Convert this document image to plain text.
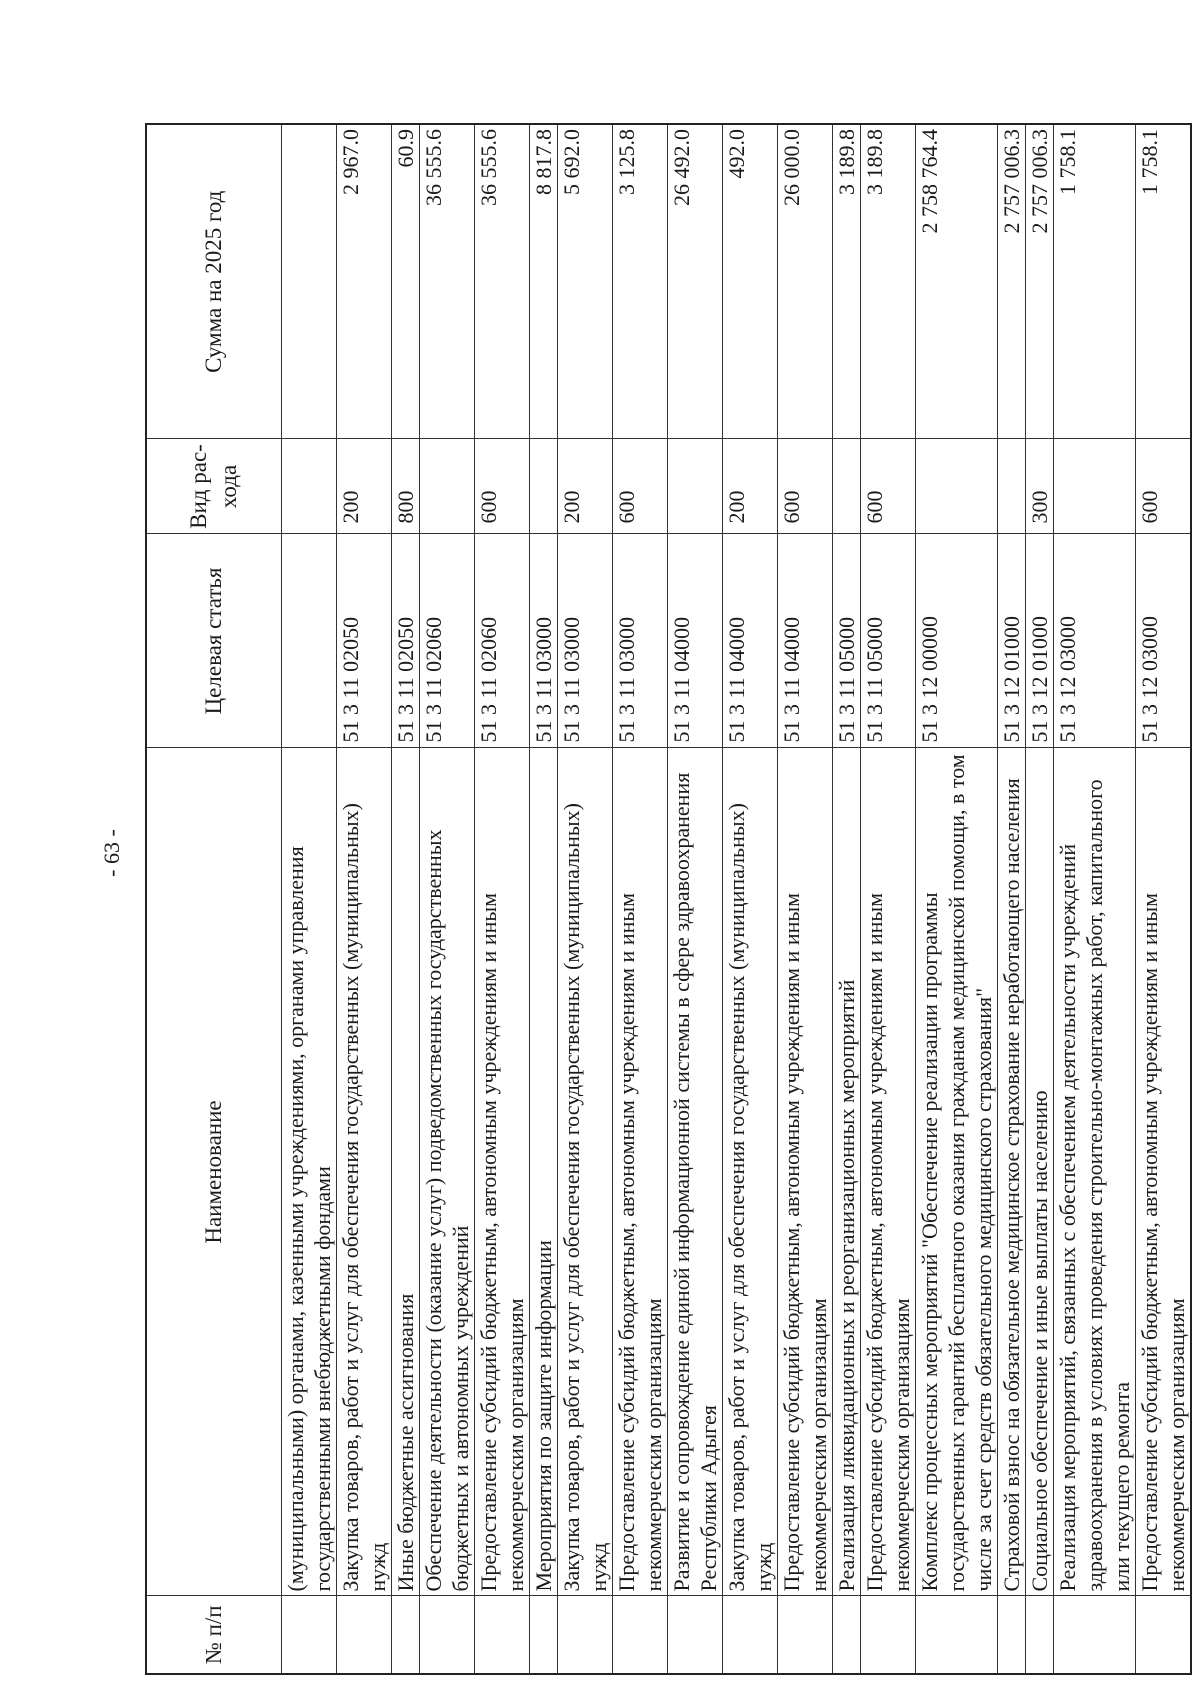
- 63 -
№ п/п	Наименование	Целевая статья	Вид рас- хода	Сумма на 2025 год
	(муниципальными) органами, казенными учреждениями, органами управления государственными внебюджетными фондами			
	Закупка товаров, работ и услуг для обеспечения государственных (муниципальных) нужд	51 3 11 02050	200	2 967.0
	Иные бюджетные ассигнования	51 3 11 02050	800	60.9
	Обеспечение деятельности (оказание услуг) подведомственных государственных бюджетных и автономных учреждений	51 3 11 02060		36 555.6
	Предоставление субсидий бюджетным, автономным учреждениям и иным некоммерческим организациям	51 3 11 02060	600	36 555.6
	Мероприятия по защите информации	51 3 11 03000		8 817.8
	Закупка товаров, работ и услуг для обеспечения государственных (муниципальных) нужд	51 3 11 03000	200	5 692.0
	Предоставление субсидий бюджетным, автономным учреждениям и иным некоммерческим организациям	51 3 11 03000	600	3 125.8
	Развитие и сопровождение единой информационной системы в сфере здравоохранения Республики Адыгея	51 3 11 04000		26 492.0
	Закупка товаров, работ и услуг для обеспечения государственных (муниципальных) нужд	51 3 11 04000	200	492.0
	Предоставление субсидий бюджетным, автономным учреждениям и иным некоммерческим организациям	51 3 11 04000	600	26 000.0
	Реализация ликвидационных и реорганизационных мероприятий	51 3 11 05000		3 189.8
	Предоставление субсидий бюджетным, автономным учреждениям и иным некоммерческим организациям	51 3 11 05000	600	3 189.8
	Комплекс процессных мероприятий "Обеспечение реализации программы государственных гарантий бесплатного оказания гражданам медицинской помощи, в том числе за счет средств обязательного медицинского страхования"	51 3 12 00000		2 758 764.4
	Страховой взнос на обязательное медицинское страхование неработающего населения	51 3 12 01000		2 757 006.3
	Социальное обеспечение и иные выплаты населению	51 3 12 01000	300	2 757 006.3
	Реализация мероприятий, связанных с обеспечением деятельности учреждений здравоохранения в условиях проведения строительно-монтажных работ, капитального или текущего ремонта	51 3 12 03000		1 758.1
	Предоставление субсидий бюджетным, автономным учреждениям и иным некоммерческим организациям	51 3 12 03000	600	1 758.1
